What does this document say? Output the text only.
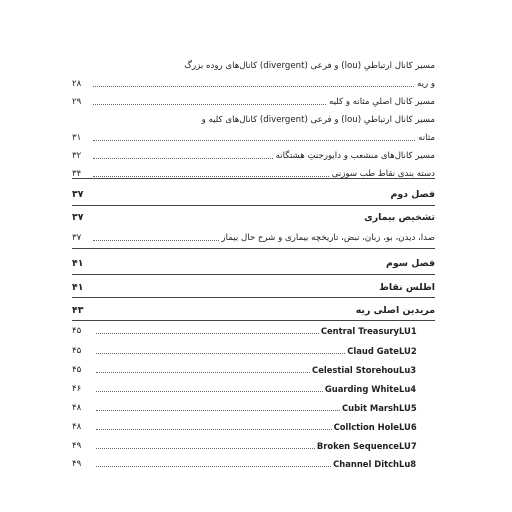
مسیر کانال ارتباطیِ (lou) و فرعی (divergent) کانال‌های روده بزرگ
و ریه
۲۸
مسیر کانال اصلیِ مثانه و کلیه
۲۹
مسیر کانال ارتباطیِ (lou) و فرعی (divergent) کانال‌های کلیه و
مثانه
۳۱
مسیر کانال‌های منشعب و دایورجنتِ هشتگانه
۳۲
دسته بندی نقاط طب سوزنی
۳۴
فصل دوم
۳۷
تشخیص بیماری
۳۷
صدا، دیدن، بو، زبان، نبض، تاریخچه بیماری و شرح حال بیمار
۳۷
فصل سوم
۴۱
اطلس نقاط
۴۱
مریدین اصلی ریه
۴۳
LU1
Central Treasury
۴۵
LU2
Claud Gate
۴۵
Lu3
Celestial Storehou
۴۵
Lu4
Guarding White
۴۶
LU5
Cubit Marsh
۴۸
LU6
Collction Hole
۴۸
LU7
Broken Sequence
۴۹
Lu8
Channel Ditch
۴۹
